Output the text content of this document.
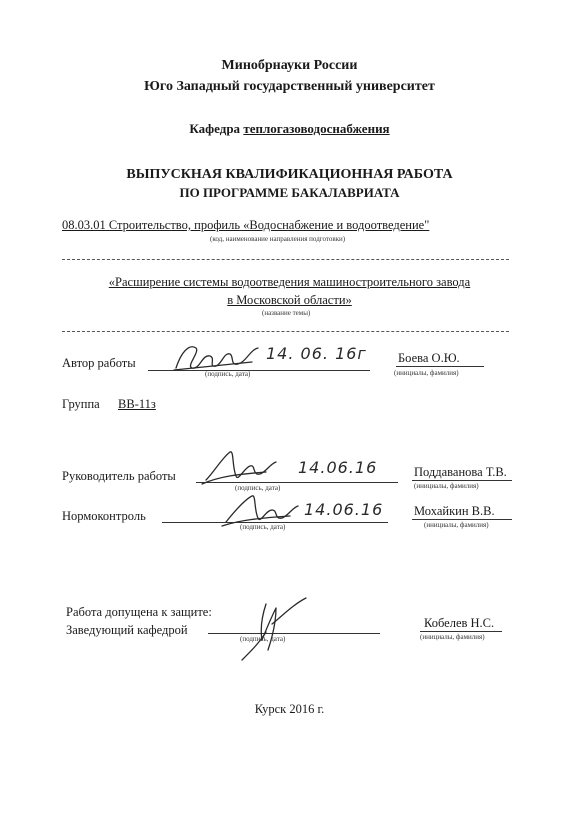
Минобрнауки России
Юго Западный государственный университет
Кафедра теплогазоводоснабжения
ВЫПУСКНАЯ КВАЛИФИКАЦИОННАЯ РАБОТА
ПО ПРОГРАММЕ БАКАЛАВРИАТА
08.03.01 Строительство, профиль «Водоснабжение и водоотведение"
(код, наименование направления подготовки)
«Расширение системы водоотведения машиностроительного завода
в Московской области»
(название темы)
Автор работы	14. 06. 16г
(подпись, дата)
Боева О.Ю.
(инициалы, фамилия)
Группа ВВ-11з
Руководитель работы	14.06.16
(подпись, дата)
Поддаванова Т.В.
(инициалы, фамилия)
Нормоконтроль	14.06.16
(подпись, дата)
Мохайкин В.В.
(инициалы, фамилия)
Работа допущена к защите:
Заведующий кафедрой
(подпись, дата)
Кобелев Н.С.
(инициалы, фамилия)
Курск 2016 г.
